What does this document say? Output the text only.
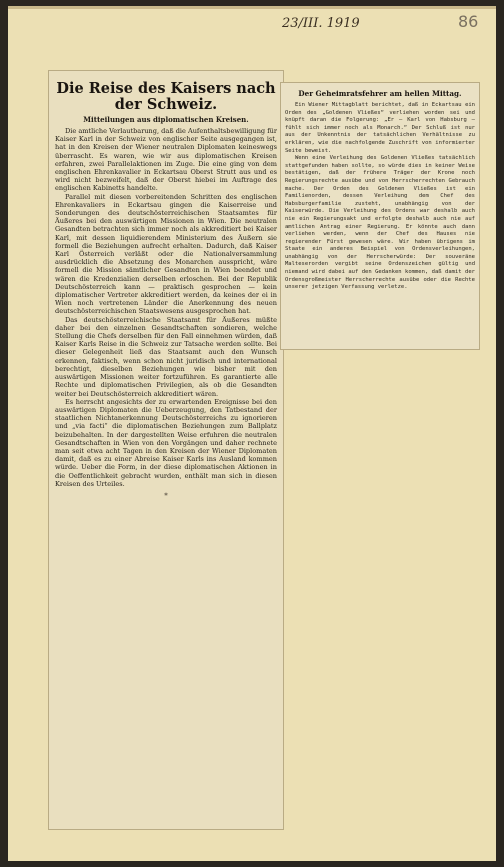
23/III. 1919	86
Die Reise des Kaisers nach der Schweiz.
Mitteilungen aus diplomatischen Kreisen.

Die amtliche Verlautbarung, daß die Aufenthaltsbewilligung für Kaiser Karl in der Schweiz von englischer Seite ausgegangen ist, hat in den Kreisen der Wiener neutralen Diplomaten keineswegs überrascht. Es waren, wie wir aus diplomatischen Kreisen erfahren, zwei Parallelaktionen im Zuge. Die eine ging von dem englischen Ehrenkavalier in Eckartsau Oberst Strutt aus und es wird nicht bezweifelt, daß der Oberst hiebei im Auftrage des englischen Kabinetts handelte.

Parallel mit diesen vorbereitenden Schritten des englischen Ehrenkavaliers in Eckartsau gingen die Kaiserreise und Sonderungen des deutschösterreichischen Staatsamtes für Äußeres bei den auswärtigen Missionen in Wien. Die neutralen Gesandten betrachten sich immer noch als akkreditiert bei Kaiser Karl, mit dessen liquidierendem Ministerium des Äußern sie formell die Beziehungen aufrecht erhalten. Dadurch, daß Kaiser Karl Österreich verläßt oder die Nationalversammlung ausdrücklich die Absetzung des Monarchen ausspricht, wäre formell die Mission sämtlicher Gesandten in Wien beendet und wären die Kredenzialien derselben erloschen. Bei der Republik Deutschösterreich kann — praktisch gesprochen — kein diplomatischer Vertreter akkreditiert werden, da keines der ei in Wien noch vertretenen Länder die Anerkennung des neuen deutschösterreichischen Staatswesens ausgesprochen hat.

Das deutschösterreichische Staatsamt für Äußeres müßte daher bei den einzelnen Gesandtschaften sondieren, welche Stellung die Chefs derselben für den Fall einnehmen würden, daß Kaiser Karls Reise in die Schweiz zur Tatsache werden sollte. Bei dieser Gelegenheit ließ das Staatsamt auch den Wunsch erkennen, faktisch, wenn schon nicht juridisch und international berechtigt, dieselben Beziehungen wie bisher mit den auswärtigen Missionen weiter fortzuführen. Es garantierte alle Rechte und diplomatischen Privilegien, als ob die Gesandten weiter bei Deutschösterreich akkreditiert wären.

Es herrscht angesichts der zu erwartenden Ereignisse bei den auswärtigen Diplomaten die Ueberzeugung, den Tatbestand der staatlichen Nichtanerkennung Deutschösterreichs zu ignorieren und „via facti“ die diplomatischen Beziehungen zum Ballplatz beizubehalten. In der dargestellten Weise erfuhren die neutralen Gesandtschaften in Wien von den Vorgängen und daher rechnete man seit etwa acht Tagen in den Kreisen der Wiener Diplomaten damit, daß es zu einer Abreise Kaiser Karls ins Ausland kommen würde. Ueber die Form, in der diese diplomatischen Aktionen in die Oeffentlichkeit gebracht wurden, enthält man sich in diesen Kreisen des Urteiles.

*
Der Geheimratsfehrer am hellen Mittag.

Ein Wiener Mittagblatt berichtet, daß in Eckartsau ein Orden des „Goldenen Vließes“ verliehen worden sei und knüpft daran die Folgerung: „Er — Karl von Habsburg — fühlt sich immer noch als Monarch.“ Der Schluß ist nur aus der Unkenntnis der tatsächlichen Verhältnisse zu erklären, wie die nachfolgende Zuschrift von informierter Seite beweist.

Wenn eine Verleihung des Goldenen Vließes tatsächlich stattgefunden haben sollte, so würde dies in keiner Weise bestätigen, daß der frühere Träger der Krone noch Regierungsrechte ausübe und von Herrscherrechten Gebrauch mache. Der Orden des Goldenen Vließes ist ein Familienorden, dessen Verleihung dem Chef des Habsburgerfamilie zusteht, unabhängig von der Kaiserwürde. Die Verleihung des Ordens war deshalb auch nie ein Regierungsakt und erfolgte deshalb auch nie auf amtlichen Antrag einer Regierung. Er könnte auch dann verliehen werden, wenn der Chef des Hauses nie regierender Fürst gewesen wäre. Wir haben übrigens im Staate ein anderes Beispiel von Ordensverleihungen, unabhängig von der Herrscherwürde: Der souveräne Malteserorden vergibt seine Ordenszeichen gültig und niemand wird dabei auf den Gedanken kommen, daß damit der Ordensgroßmeister Herrscherrechte ausübe oder die Rechte unserer jetzigen Verfassung verletze.
